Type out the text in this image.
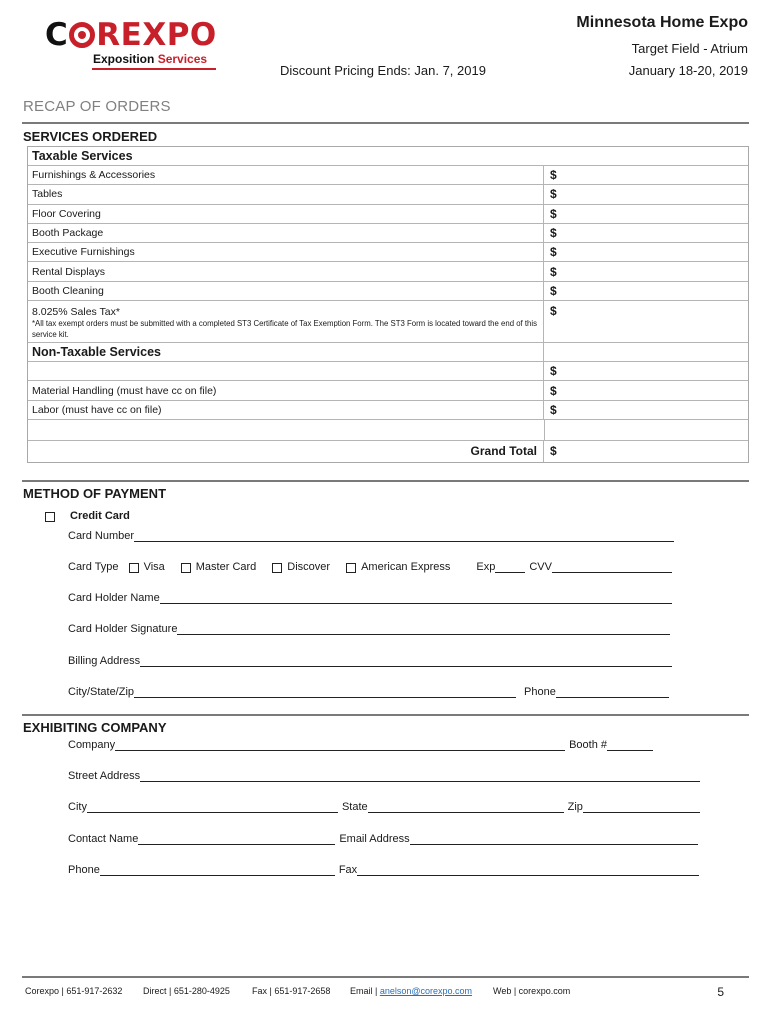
C REXPO
Exposition Services
Minnesota Home Expo
Target Field - Atrium
January 18-20, 2019
Discount Pricing Ends: Jan. 7, 2019
RECAP OF ORDERS
SERVICES ORDERED
Taxable Services
Furnishings & Accessories	$
Tables	$
Floor Covering	$
Booth Package	$
Executive Furnishings	$
Rental Displays	$
Booth Cleaning	$
8.025% Sales Tax*
*All tax exempt orders must be submitted with a completed ST3 Certificate of Tax Exemption Form. The ST3 Form is located toward the end of this service kit.
$
Non-Taxable Services
$
Material Handling (must have cc on file)	$
Labor (must have cc on file)	$
Grand Total	$
METHOD OF PAYMENT
Credit Card
Card Number
Card Type Visa	Master Card	Discover	American Express Exp	CVV
Card Holder Name
Card Holder Signature
Billing Address
City/State/Zip	Phone
EXHIBITING COMPANY
Company	Booth #
Street Address
City	State	Zip
Contact Name	Email Address
Phone	Fax
Corexpo | 651-917-2632 Direct | 651-280-4925 Fax | 651-917-2658 Email | anelson@corexpo.com Web | corexpo.com	5
